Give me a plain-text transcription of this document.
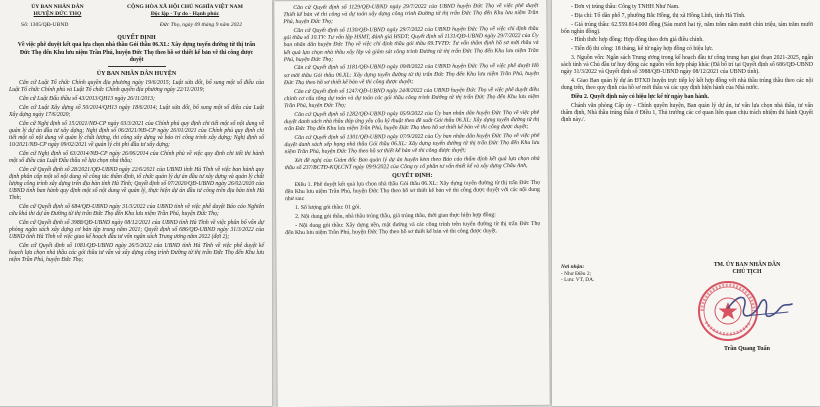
ỦY BAN NHÂN DÂN
HUYỆN ĐỨC THỌ
CỘNG HÒA XÃ HỘI CHỦ NGHĨA VIỆT NAM
Độc lập - Tự do - Hạnh phúc
Số: 1305/QĐ-UBND	Đức Thọ, ngày 09 tháng 9 năm 2022
QUYẾT ĐỊNH
Về việc phê duyệt kết quả lựa chọn nhà thầu Gói thầu 06.XL: Xây dựng tuyến đường từ thị trấn Đức Thọ đến Khu lưu niệm Trần Phú, huyện Đức Thọ theo hồ sơ thiết kế bản vẽ thi công được duyệt
ỦY BAN NHÂN DÂN HUYỆN

Căn cứ Luật Tổ chức Chính quyền địa phương ngày 19/6/2015; Luật sửa đổi, bổ sung một số điều của Luật Tổ chức Chính phủ và Luật Tổ chức Chính quyền địa phương ngày 22/11/2019;

Căn cứ Luật Đấu thầu số 43/2013/QH13 ngày 26/11/2013;

Căn cứ Luật Xây dựng số 50/2014/QH13 ngày 18/6/2014; Luật sửa đổi, bổ sung một số điều của Luật Xây dựng ngày 17/6/2020;

Căn cứ Nghị định số 15/2021/NĐ-CP ngày 03/3/2021 của Chính phủ quy định chi tiết một số nội dung về quản lý dự án đầu tư xây dựng; Nghị định số 06/2021/NĐ-CP ngày 26/01/2021 của Chính phủ quy định chi tiết một số nội dung về quản lý chất lượng, thi công xây dựng và bảo trì công trình xây dựng; Nghị định số 10/2021/NĐ-CP ngày 09/02/2021 về quản lý chi phí đầu tư xây dựng;

Căn cứ Nghị định số 63/2014/NĐ-CP ngày 26/06/2014 của Chính phủ về việc quy định chi tiết thi hành một số điều của Luật Đấu thầu về lựa chọn nhà thầu;

Căn cứ Quyết định số 28/2021/QĐ-UBND ngày 22/6/2021 của UBND tỉnh Hà Tĩnh về việc ban hành quy định phân cấp một số nội dung về công tác thẩm định, tổ chức quản lý dự án đầu tư xây dựng và quản lý chất lượng công trình xây dựng trên địa bàn tỉnh Hà Tĩnh; Quyết định số 07/2020/QĐ-UBND ngày 26/02/2020 của UBND tỉnh ban hành quy định một số nội dung về quản lý, thực hiện dự án đầu tư công trên địa bàn tỉnh Hà Tĩnh;

Căn cứ Quyết định số 684/QĐ-UBND ngày 31/3/2022 của UBND tỉnh về việc phê duyệt Báo cáo Nghiên cứu khả thi dự án Đường từ thị trấn Đức Thọ đến Khu lưu niệm Trần Phú, huyện Đức Thọ;

Căn cứ Quyết định số 3988/QĐ-UBND ngày 08/12/2021 của UBND tỉnh Hà Tĩnh về việc phân bổ vốn dự phòng ngân sách xây dựng cơ bản tập trung năm 2021; Quyết định số 686/QĐ-UBND ngày 31/3/2022 của UBND tỉnh Hà Tĩnh về việc giao kế hoạch đầu tư vốn ngân sách Trung ương năm 2022 (đợt 2);

Căn cứ Quyết định số 1081/QĐ-UBND ngày 26/5/2022 của UBND tỉnh Hà Tĩnh về việc phê duyệt kế hoạch lựa chọn nhà thầu các gói thầu tư vấn và xây dựng công trình Đường từ thị trấn Đức Thọ đến Khu lưu niệm Trần Phú, huyện Đức Thọ;

Căn cứ Quyết định số 1129/QĐ-UBND ngày 29/7/2022 của UBND huyện Đức Thọ về việc phê duyệt Thiết kế bản vẽ thi công và dự toán xây dựng công trình Đường từ thị trấn Đức Thọ đến Khu lưu niệm Trần Phú, huyện Đức Thọ;

Căn cứ Quyết định số 1130/QĐ-UBND ngày 29/7/2022 của UBND huyện Đức Thọ về việc chỉ định thầu gói thầu số 10.TV: Tư vấn lập HSMT, đánh giá HSDT; Quyết định số 1131/QĐ-UBND ngày 29/7/2022 của Ủy ban nhân dân huyện Đức Thọ về việc chỉ định thầu gói thầu 09.TVTĐ: Tư vấn thẩm định hồ sơ mời thầu và kết quả lựa chọn nhà thầu xây lắp và giám sát công trình Đường từ thị trấn Đức Thọ đến Khu lưu niệm Trần Phú, huyện Đức Thọ;

Căn cứ Quyết định số 1181/QĐ-UBND ngày 09/8/2022 của UBND huyện Đức Thọ về việc phê duyệt Hồ sơ mời thầu Gói thầu 06.XL: Xây dựng tuyến đường từ thị trấn Đức Thọ đến Khu lưu niệm Trần Phú, huyện Đức Thọ theo hồ sơ thiết kế bản vẽ thi công được duyệt;

Căn cứ Quyết định số 1247/QĐ-UBND ngày 24/8/2022 của UBND huyện Đức Thọ về việc phê duyệt điều chỉnh cơ cấu tổng dự toán và dự toán các gói thầu công trình Đường từ thị trấn Đức Thọ đến Khu lưu niệm Trần Phú, huyện Đức Thọ;

Căn cứ Quyết định số 1282/QĐ-UBND ngày 05/9/2022 của Ủy ban nhân dân huyện Đức Thọ về việc phê duyệt danh sách nhà thầu đáp ứng yêu cầu kỹ thuật theo đề xuất Gói thầu 06.XL: Xây dựng tuyến đường từ thị trấn Đức Thọ đến Khu lưu niệm Trần Phú, huyện Đức Thọ theo hồ sơ thiết kế bản vẽ thi công được duyệt;

Căn cứ Quyết định số 1301/QĐ-UBND ngày 07/9/2022 của Ủy ban nhân dân huyện Đức Thọ về việc phê duyệt danh sách xếp hạng nhà thầu Gói thầu 06.XL: Xây dựng tuyến đường từ thị trấn Đức Thọ đến Khu lưu niệm Trần Phú, huyện Đức Thọ theo hồ sơ thiết kế bản vẽ thi công được duyệt;

Xét đề nghị của Giám đốc Ban quản lý dự án huyện kèm theo Báo cáo thẩm định kết quả lựa chọn nhà thầu số 237/BCTĐ-KQLCNT ngày 09/9/2022 của Công ty cổ phần tư vấn thiết kế và xây dựng Châu Anh,

QUYẾT ĐỊNH:

Điều 1. Phê duyệt kết quả lựa chọn nhà thầu Gói thầu 06.XL: Xây dựng tuyến đường từ thị trấn Đức Thọ đến Khu lưu niệm Trần Phú, huyện Đức Thọ theo hồ sơ thiết kế bản vẽ thi công được duyệt với các nội dung như sau:

1. Số lượng gói thầu: 01 gói.

2. Nội dung gói thầu, nhà thầu trúng thầu, giá trúng thầu, thời gian thực hiện hợp đồng:

- Nội dung gói thầu: Xây dựng nền, mặt đường và các công trình trên tuyến đường từ thị trấn Đức Thọ đến Khu lưu niệm Trần Phú, huyện Đức Thọ theo hồ sơ thiết kế bản vẽ thi công được duyệt.

- Đơn vị trúng thầu: Công ty TNHH Như Nam.

- Địa chỉ: Tổ dân phố 7, phường Bắc Hồng, thị xã Hồng Lĩnh, tỉnh Hà Tĩnh.

- Giá trúng thầu: 62.559.814.000 đồng (Sáu mươi hai tỷ, năm trăm năm mươi chín triệu, tám trăm mười bốn nghìn đồng).

- Hình thức hợp đồng: Hợp đồng theo đơn giá điều chỉnh.

- Tiến độ thi công: 18 tháng, kể từ ngày hợp đồng có hiệu lực.

3. Nguồn vốn: Ngân sách Trung ương trong kế hoạch đầu tư công trung hạn giai đoạn 2021-2025, ngân sách tỉnh và Chủ đầu tư huy động các nguồn vốn hợp pháp khác (Đã bố trí tại Quyết định số 686/QĐ-UBND ngày 31/3/2022 và Quyết định số 3988/QĐ-UBND ngày 08/12/2021 của UBND tỉnh).

4. Giao Ban quản lý dự án ĐTXD huyện trực tiếp ký kết hợp đồng với nhà thầu trúng thầu theo các nội dung trên, theo quy định của hồ sơ mời thầu và các quy định hiện hành của Nhà nước.

Điều 2. Quyết định này có hiệu lực kể từ ngày ban hành.

Chánh văn phòng Cấp ủy - Chính quyền huyện, Ban quản lý dự án, tư vấn lựa chọn nhà thầu, tư vấn thẩm định, Nhà thầu trúng thầu ở Điều 1, Thủ trưởng các cơ quan liên quan chịu trách nhiệm thi hành Quyết định này./.

Nơi nhận:
- Như Điều 2;
- Lưu: VT, DA.
TM. ỦY BAN NHÂN DÂN
CHỦ TỊCH
Trần Quang Tuấn
